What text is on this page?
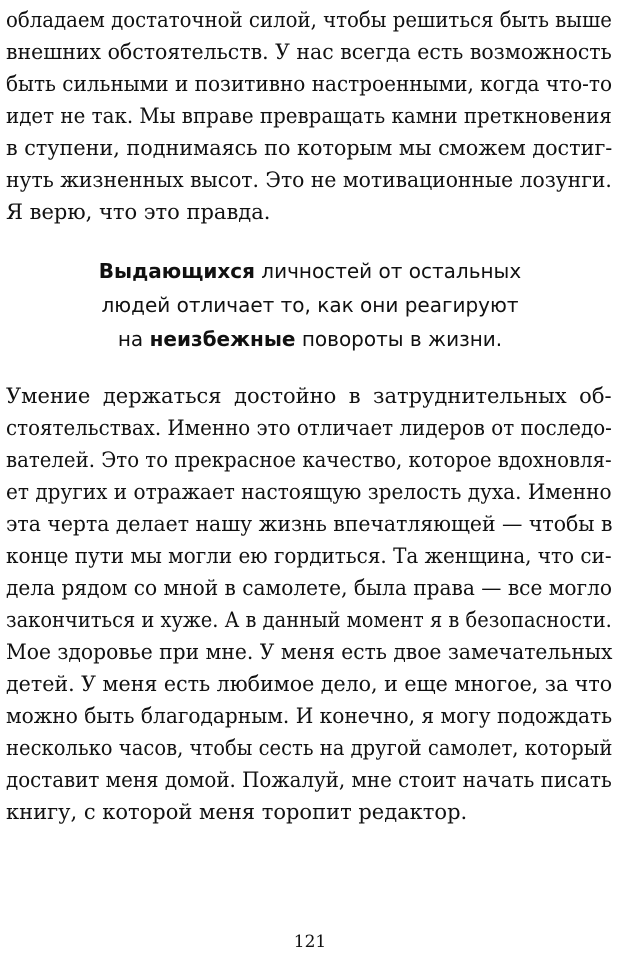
обладаем достаточной силой, чтобы решиться быть выше
внешних обстоятельств. У нас всегда есть возможность
быть сильными и позитивно настроенными, когда что-то
идет не так. Мы вправе превращать камни преткновения
в ступени, поднимаясь по которым мы сможем достиг-
нуть жизненных высот. Это не мотивационные лозунги.
Я верю, что это правда.
Выдающихся личностей от остальных
людей отличает то, как они реагируют
на неизбежные повороты в жизни.
Умение держаться достойно в затруднительных об-
стоятельствах. Именно это отличает лидеров от последо-
вателей. Это то прекрасное качество, которое вдохновля-
ет других и отражает настоящую зрелость духа. Именно
эта черта делает нашу жизнь впечатляющей — чтобы в
конце пути мы могли ею гордиться. Та женщина, что си-
дела рядом со мной в самолете, была права — все могло
закончиться и хуже. А в данный момент я в безопасности.
Мое здоровье при мне. У меня есть двое замечательных
детей. У меня есть любимое дело, и еще многое, за что
можно быть благодарным. И конечно, я могу подождать
несколько часов, чтобы сесть на другой самолет, который
доставит меня домой. Пожалуй, мне стоит начать писать
книгу, с которой меня торопит редактор.
121
